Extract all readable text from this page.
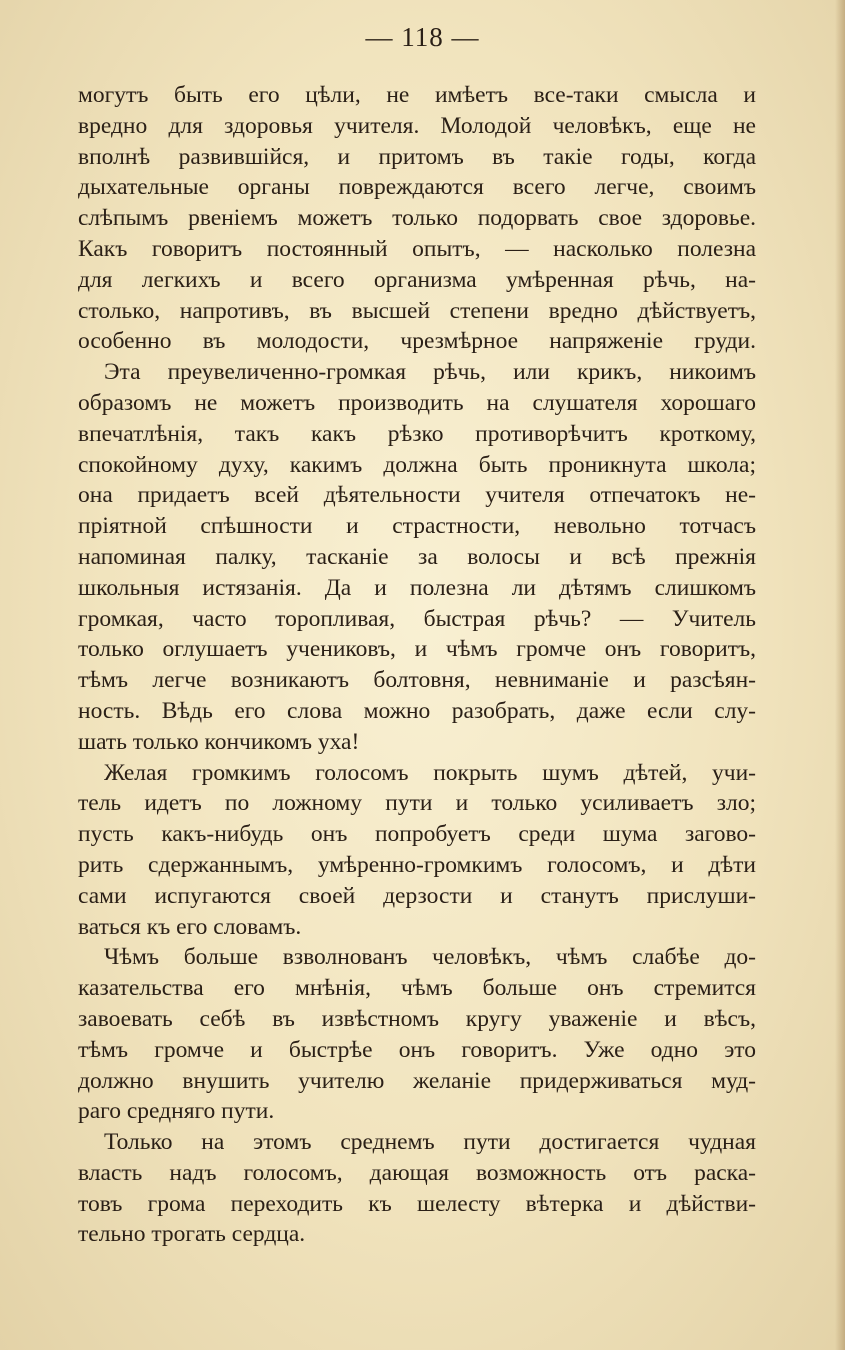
— 118 —

могутъ быть его цѣли, не имѣетъ все-таки смысла и
вредно для здоровья учителя. Молодой человѣкъ, еще не
вполнѣ развившійся, и притомъ въ такіе годы, когда
дыхательные органы повреждаются всего легче, своимъ
слѣпымъ рвеніемъ можетъ только подорвать свое здоровье.
Какъ говоритъ постоянный опытъ, — насколько полезна
для легкихъ и всего организма умѣренная рѣчь, на-
столько, напротивъ, въ высшей степени вредно дѣйствуетъ,
особенно въ молодости, чрезмѣрное напряженіе груди.

Эта преувеличенно-громкая рѣчь, или крикъ, никоимъ
образомъ не можетъ производить на слушателя хорошаго
впечатлѣнія, такъ какъ рѣзко противорѣчитъ кроткому,
спокойному духу, какимъ должна быть проникнута школа;
она придаетъ всей дѣятельности учителя отпечатокъ не-
пріятной спѣшности и страстности, невольно тотчасъ
напоминая палку, тасканіе за волосы и всѣ прежнія
школьныя истязанія. Да и полезна ли дѣтямъ слишкомъ
громкая, часто торопливая, быстрая рѣчь? — Учитель
только оглушаетъ учениковъ, и чѣмъ громче онъ говоритъ,
тѣмъ легче возникаютъ болтовня, невниманіе и разсѣян-
ность. Вѣдь его слова можно разобрать, даже если слу-
шать только кончикомъ уха!

Желая громкимъ голосомъ покрыть шумъ дѣтей, учи-
тель идетъ по ложному пути и только усиливаетъ зло;
пусть какъ-нибудь онъ попробуетъ среди шума загово-
рить сдержаннымъ, умѣренно-громкимъ голосомъ, и дѣти
сами испугаются своей дерзости и станутъ прислуши-
ваться къ его словамъ.

Чѣмъ больше взволнованъ человѣкъ, чѣмъ слабѣе до-
казательства его мнѣнія, чѣмъ больше онъ стремится
завоевать себѣ въ извѣстномъ кругу уваженіе и вѣсъ,
тѣмъ громче и быстрѣе онъ говоритъ. Уже одно это
должно внушить учителю желаніе придерживаться муд-
раго средняго пути.

Только на этомъ среднемъ пути достигается чудная
власть надъ голосомъ, дающая возможность отъ раска-
товъ грома переходить къ шелесту вѣтерка и дѣйстви-
тельно трогать сердца.
